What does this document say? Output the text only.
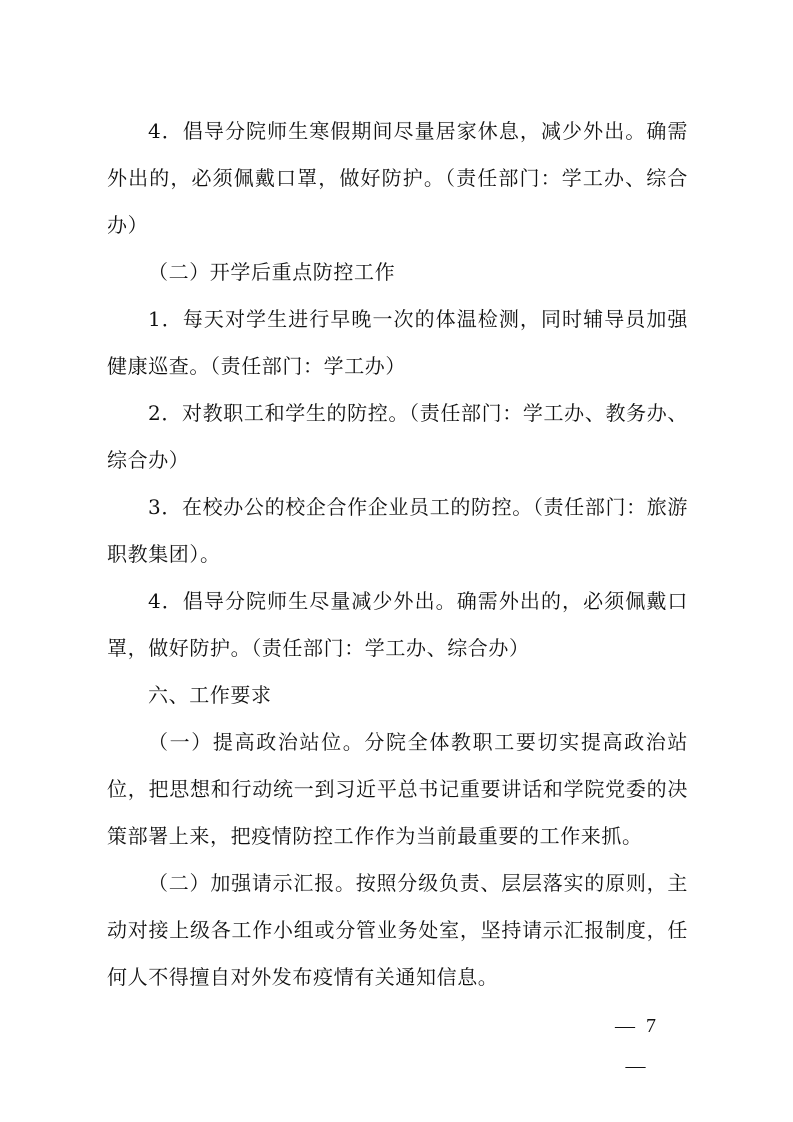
4．倡导分院师生寒假期间尽量居家休息，减少外出。确需外出的，必须佩戴口罩，做好防护。（责任部门：学工办、综合办）

（二）开学后重点防控工作

1．每天对学生进行早晚一次的体温检测，同时辅导员加强健康巡查。（责任部门：学工办）

2．对教职工和学生的防控。（责任部门：学工办、教务办、综合办）

3．在校办公的校企合作企业员工的防控。（责任部门：旅游职教集团）。

4．倡导分院师生尽量减少外出。确需外出的，必须佩戴口罩，做好防护。（责任部门：学工办、综合办）

六、工作要求

（一）提高政治站位。分院全体教职工要切实提高政治站位，把思想和行动统一到习近平总书记重要讲话和学院党委的决策部署上来，把疫情防控工作作为当前最重要的工作来抓。

（二）加强请示汇报。按照分级负责、层层落实的原则，主动对接上级各工作小组或分管业务处室，坚持请示汇报制度，任何人不得擅自对外发布疫情有关通知信息。

— 7 —
